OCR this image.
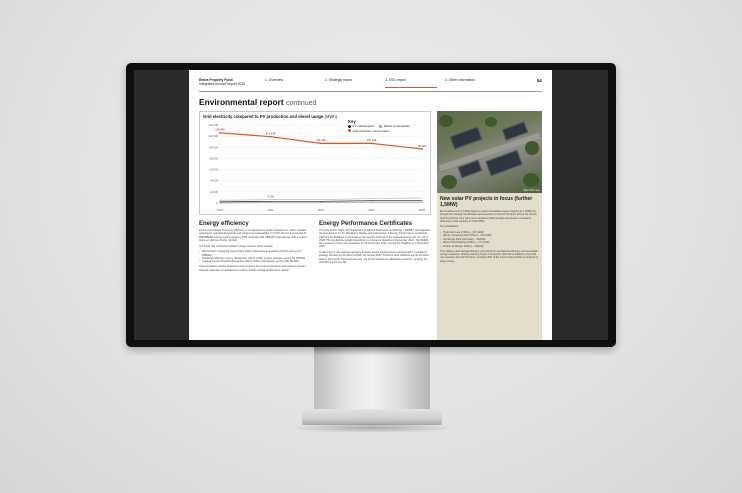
Emira Property Fund
Integrated Annual Report 2025
1. Overview	2. Strategic report	3. ESG report	4. Other information	54
Environmental report continued
Grid electricity compared to PV production and diesel usage (MWh)
Key
PV consumption
	Diesel consumption
Grid electricity consumption
0
20 000
40 000
60 000
80 000
100 000
120 000
140 000
2021	2022	2023	2024	2025
126 406
119 478
107 125	107 133
96 963
6 006
Energy efficiency
Emira accumulated its energy efficiency in its approach to asset management, which includes reducing its operational footprint and enhancing sustainability. In FY25, the Fund exceeded its 588 888kWh energy saving target by 18%, achieving 541 450kWh total savings, with a project focus on LED and HVAC retrofits.
The Fund has completed notable energy projects, which include:
• Wonderboom Shopping Centre (May 2024): LED basement parking retrofit, saving 217 568kWh
• Randridge Mall Sex Cherry (September 2024): HVAC system upgrade, saving 84 768kWh
• Quagga Centre Shopette (November 2024): HVAC optimisation, saving 138 740kWh
These initiatives reduce operating costs, improve the tenant experience and enhance Emira's strategic objective of maintaining a robust portfolio of high-performance assets.
Energy Performance Certificates
On 8 December 2020, the Department of Mineral Resources and Energy ("DMRE") promulgated the Regulations for the Mandatory Display and Submission of Energy Performance Certificates ("EPCs") for Buildings in accordance with section 19(1)(b) of the National Energy Act, No. 34 of 2008. The regulations initially prescribed a compliance deadline of December 2022. The DMRE then granted a three-year extension on 28 November 2022, moving the deadline to 7 December 2025.
In planning for the original regulatory timeline, Emira implemented a targeted EPC compliance strategy focused on its office portfolio. By August 2022, 54 EPCs were obtained across 26 office assets. During the 2024 financial year, the Fund certified two additional properties, growing the total EPCs issued to 56.
Hyde Park Lane
New solar PV projects in focus (further 1,5MW)
Emira achieved its FY2025 target to expand renewable energy capacity by 1,5MWh by through the strategic identification and execution of solar PV projects across the directly held SA portfolio. Five sites were completed within budget and timeline constraints, delivering a total capacity of 1 526 MWp.
Key installations:
• Hyde Park Lane (Office) – 447,4kWp
• Menlyn Corporate Park (Office) – 513,2kWp
• Cambridge Park (Industrial) – 312kWp
• Athlus Park Buildings (Office) – 177,1kWp
• Podium at Menlyn (Office) – 360kWp
This initiative demonstrated Emira's commitment to operational efficiency and renewable energy expansion, directly reducing Scope 2 emissions. With these additions, the Fund now operates 23 solar PV farms, ensuring 36% of the commercial portfolio is powered by clean energy.
